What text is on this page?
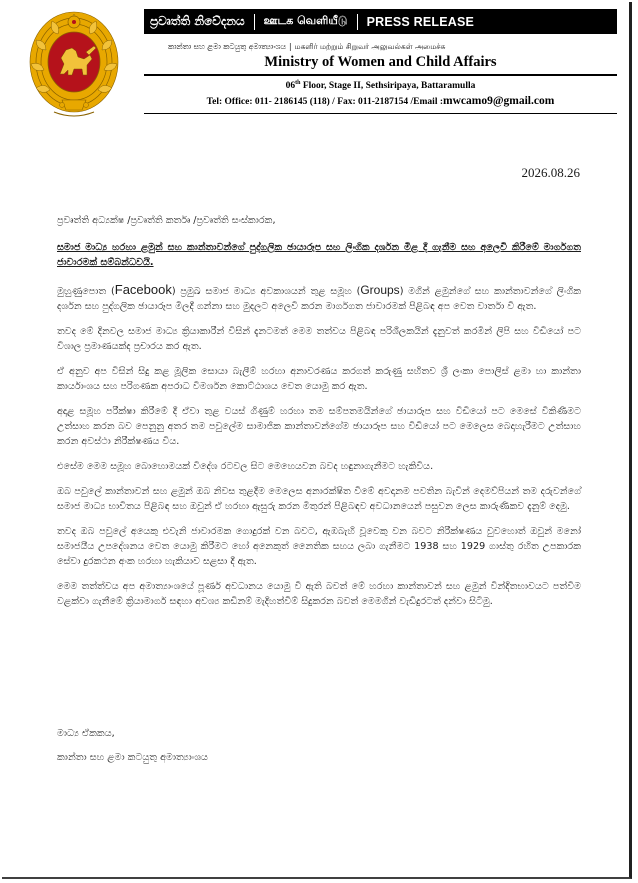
ප්‍රවෘත්ති නිවේදනය ஊடக வெளியீடு PRESS RELEASE
කාන්තා සහ ළමා කටයුතු අමාත්‍යාංශය | மகளிர் மற்றும் சிறுவர் அலுவல்கள் அமைச்சு
Ministry of Women and Child Affairs
06th Floor, Stage II, Sethsiripaya, Battaramulla
Tel: Office: 011- 2186145 (118) / Fax: 011-2187154 /Email :mwcamo9@gmail.com
2026.08.26

ප්‍රවෘත්ති අධ්‍යක්ෂ /ප්‍රවෘත්ති කර්තෘ /ප්‍රවෘත්ති සංස්කාරක,

සමාජ මාධ්‍ය හරහා ළමුන් සහ කාන්තාවන්ගේ පුද්ගලික ඡායාරූප සහ ලිංගික දර්ශන මිළ දී ගැනීම සහ අලෙවි කිරීමේ මාර්ගගත ජාවාරමක් සම්බන්ධවයි.

මුහුණුපොත (Facebook) ප්‍රමුඛ සමාජ මාධ්‍ය අවකාශයන් තුළ සමූහ (Groups) මගින් ළමුන්ගේ සහ කාන්තාවන්ගේ ලිංගික දර්ශන සහ පුද්ගලික ඡායාරූප මිලදී ගන්නා සහ මුදලට අලෙවි කරන මාර්ගගත ජාවාරමක් පිළිබඳ අප වෙත වාර්තා වී ඇත.

තවද මේ දිනවල සමාජ මාධ්‍ය ක්‍රියාකාරීන් විසින් දැනටමත් මෙම තත්වය පිළිබඳ පරිශීලකයින් දැනුවත් කරමින් ලිපි සහ විඩියෝ පට විශාල ප්‍රමාණයක්ද ප්‍රචාරය කර ඇත.

ඒ අනුව අප විසින් සිදු කළ මූලික සොයා බැලීම් හරහා අනාවරණය කරගත් කරුණු සහිතව ශ්‍රී ලංකා පොලිස් ළමා හා කාන්තා කාර්යාංශය සහ පරිගණක අපරාධ විමර්ශන කොට්ඨාශය වෙත යොමු කර ඇත.

අදාළ සමූහ පරීක්ෂා කිරීමේ දී ඒවා තුළ වයස් ගිණුම් හරහා තම සම්පතමයින්ගේ ඡායාරූප සහ විඩියෝ පට මෙසේ විකිණීමට උත්සාහ කරන බව පෙනුනු අතර තම පවුලේම සාමාජික කාන්තාවන්ගේම ඡායාරූප සහ විඩියෝ පට මෙලෙස බෙදාහැරීමට උත්සාහ කරන අවස්ථා නිරීක්ෂණය විය.

එසේම මෙම සමූහ බොහොමයක් විදේශ රටවල සිට මෙහෙයවන බවද හඳුනාගැනීමට හැකිවිය.

ඔබ පවුලේ කාන්තාවන් සහ ළමුන් ඔබ නිවස තුළදීම මෙලෙස අනාරක්ෂිත වීමේ අවදානම පවතින බැවින් දෙමව්පියන් තම දරුවන්ගේ සමාජ මාධ්‍ය භාවිතය පිළිබඳ සහ ඔවුන් ඒ හරහා ඇසුරු කරන මිතුරන් පිළිබඳව අවධානයෙන් පසුවන ලෙස කාරුණිකව දැනුම් දෙමු.

තවද ඔබ පවුලේ අයෙකු එවැනි ජාවාරමක ගොදුරක් වන බවට, ඇඹබැහි වූවෙකු වන බවට නිරීක්ෂණය වුවහොත් ඔවුන් මනෝ සමාජයීය උපදේශනය වෙත යොමු කිරීමට හෝ අනෙකුත් නෛතික සහය ලබා ගැනීමට 1938 සහ 1929 ගාස්තු රහිත උපකාරක සේවා දුරකථන අංක හරහා හැකියාව සළසා දී ඇත.

මෙම තත්ත්වය අප අමාත්‍යාංශයේ පූර්ණ අවධානය යොමු වී ඇති බවත් මේ හරහා කාන්තාවන් සහ ළමුන් වින්දිතභාවයට පත්වීම වළක්වා ගැනීමේ ක්‍රියාමාර්ග සඳහා අවශ්‍ය කඩිනම් මැදිහත්වීම් සිදුකරන බවත් මෙමගින් වැඩිදුරටත් දන්වා සිටිමු.

මාධ්‍ය ඒකකය,
කාන්තා සහ ළමා කටයුතු අමාත්‍යාංශය
